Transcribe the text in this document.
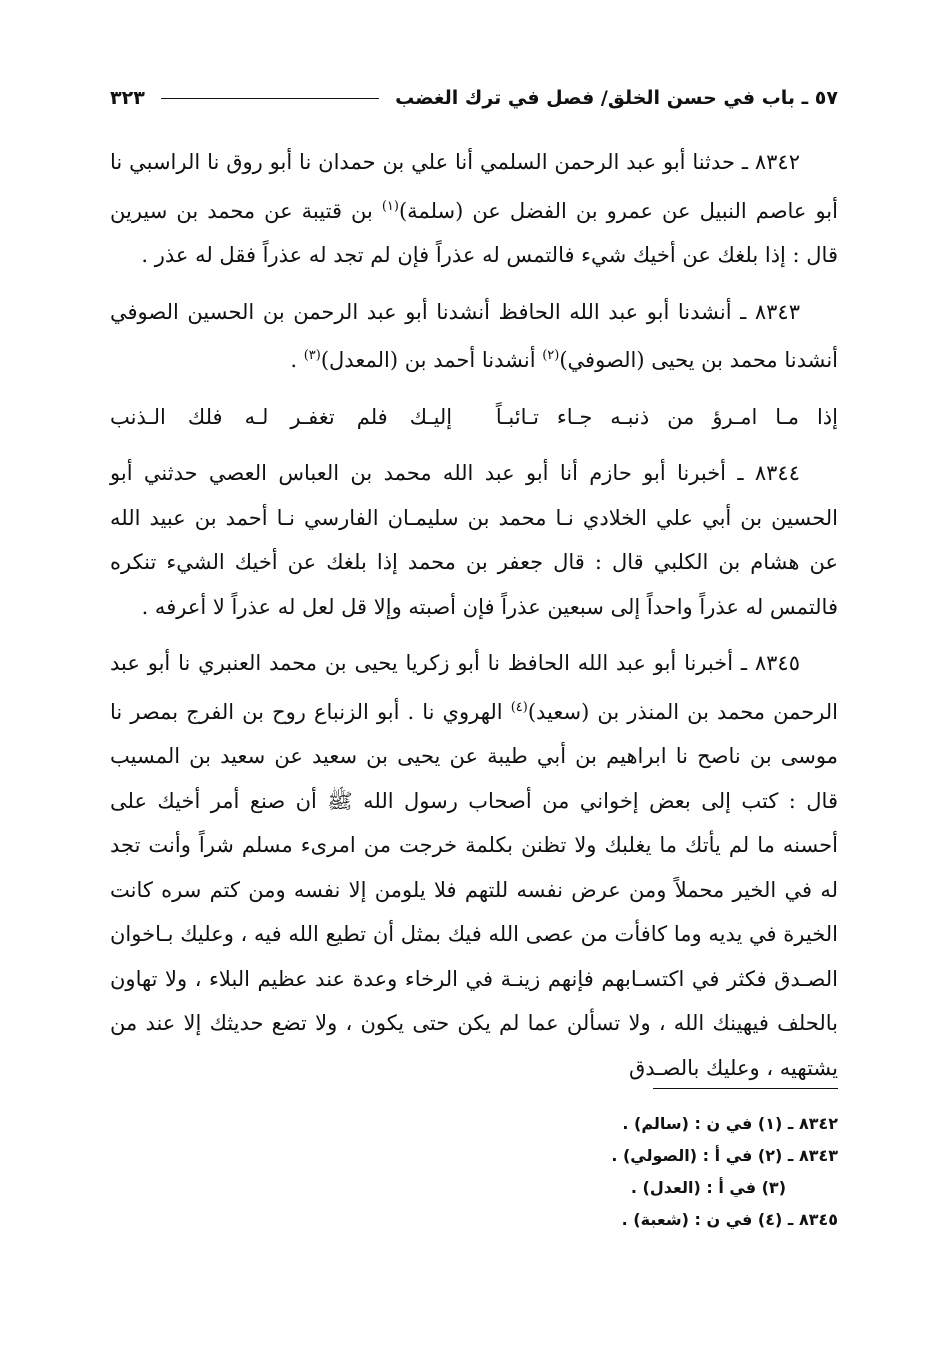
٥٧ ـ باب في حسن الخلق/ فصل في ترك الغضب
٣٢٣

٨٣٤٢ ـ حدثنا أبو عبد الرحمن السلمي أنا علي بن حمدان نا أبو روق نا الراسبي نا أبو عاصم النبيل عن عمرو بن الفضل عن (سلمة)$^{(١)}$ بن قتيبة عن محمد بن سيرين قال : إذا بلغك عن أخيك شيء فالتمس له عذراً فإن لم تجد له عذراً فقل له عذر .

٨٣٤٣ ـ أنشدنا أبو عبد الله الحافظ أنشدنا أبو عبد الرحمن بن الحسين الصوفي أنشدنا محمد بن يحيى (الصوفي)$^{(٢)}$ أنشدنا أحمد بن (المعدل)$^{(٣)}$ .

إذا مـا امـرؤ من ذنبـه جـاء تـائبـاً
إليـك فلم تغفـر لـه فلك الـذنب

٨٣٤٤ ـ أخبرنا أبو حازم أنا أبو عبد الله محمد بن العباس العصي حدثني أبو الحسين بن أبي علي الخلادي نـا محمد بن سليمـان الفارسي نـا أحمد بن عبيد الله عن هشام بن الكلبي قال : قال جعفر بن محمد إذا بلغك عن أخيك الشيء تنكره فالتمس له عذراً واحداً إلى سبعين عذراً فإن أصبته وإلا قل لعل له عذراً لا أعرفه .

٨٣٤٥ ـ أخبرنا أبو عبد الله الحافظ نا أبو زكريا يحيى بن محمد العنبري نا أبو عبد الرحمن محمد بن المنذر بن (سعيد)$^{(٤)}$ الهروي نا . أبو الزنباع روح بن الفرج بمصر نا موسى بن ناصح نا ابراهيم بن أبي طيبة عن يحيى بن سعيد عن سعيد بن المسيب قال : كتب إلى بعض إخواني من أصحاب رسول الله ﷺ أن صنع أمر أخيك على أحسنه ما لم يأتك ما يغلبك ولا تظنن بكلمة خرجت من امرىء مسلم شراً وأنت تجد له في الخير محملاً ومن عرض نفسه للتهم فلا يلومن إلا نفسه ومن كتم سره كانت الخيرة في يديه وما كافأت من عصى الله فيك بمثل أن تطيع الله فيه ، وعليك بـاخوان الصـدق فكثر في اكتسـابهم فإنهم زينـة في الرخاء وعدة عند عظيم البلاء ، ولا تهاون بالحلف فيهينك الله ، ولا تسألن عما لم يكن حتى يكون ، ولا تضع حديثك إلا عند من يشتهيه ، وعليك بالصـدق

٨٣٤٢ ـ (١) في ن : (سالم) .

٨٣٤٣ ـ (٢) في أ : (الصولي) .

(٣) في أ : (العدل) .

٨٣٤٥ ـ (٤) في ن : (شعبة) .
